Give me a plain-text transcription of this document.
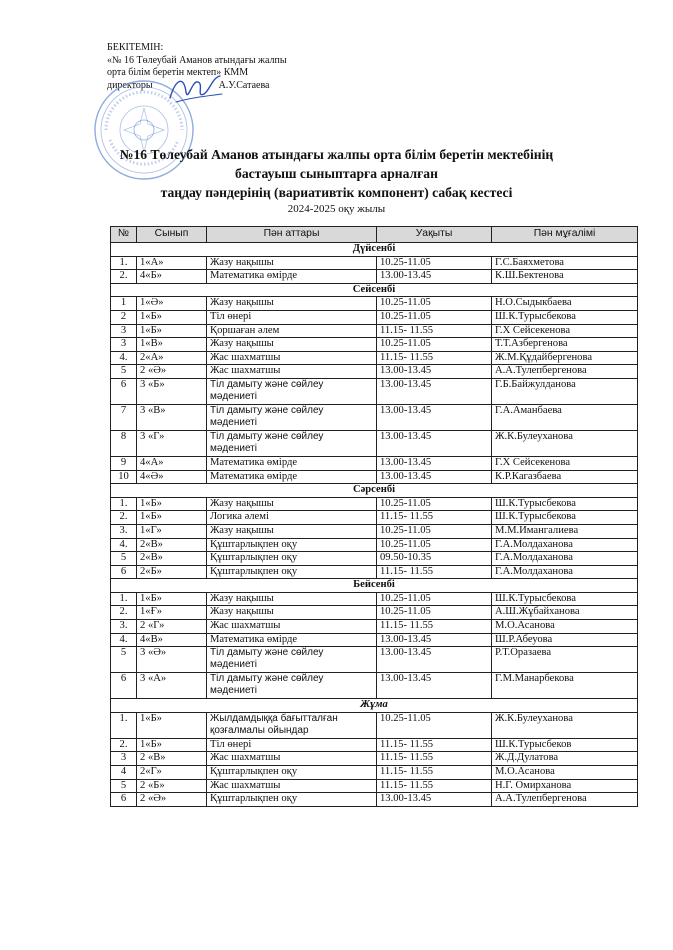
БЕКІТЕМІН:
«№ 16 Төлеубай Аманов атындағы жалпы
орта білім беретін мектеп» КММ
директоры	А.У.Сатаева
№16 Төлеубай Аманов атындағы жалпы орта білім беретін мектебінің
бастауыш сыныптарға арналған
таңдау пәндерінің (вариативтік компонент) сабақ кестесі
2024-2025 оқу жылы
№	Сынып	Пән аттары	Уақыты	Пән мұғалімі
Дүйсенбі				
1.	1«А»	Жазу нақышы	10.25-11.05	Г.С.Баяхметова
2.	4«Б»	Математика өмірде	13.00-13.45	К.Ш.Бектенова
Сейсенбі				
1	1«Ә»	Жазу нақышы	10.25-11.05	Н.О.Сыдыкбаева
2	1«Б»	Тіл өнері	10.25-11.05	Ш.К.Турысбекова
3	1«Б»	Қоршаған әлем	11.15- 11.55	Г.Х Сейсекенова
3	1«В»	Жазу нақышы	10.25-11.05	Т.Т.Азбергенова
4.	2«А»	Жас шахматшы	11.15- 11.55	Ж.М.Құдайбергенова
5	2 «Ә»	Жас шахматшы	13.00-13.45	А.А.Тулепбергенова
6	3 «Б»	Тіл дамыту және сөйлеу мәдениеті	13.00-13.45	Г.Б.Байжулданова
7	3 «В»	Тіл дамыту және сөйлеу мәдениеті	13.00-13.45	Г.А.Аманбаева
8	3 «Г»	Тіл дамыту және сөйлеу мәдениеті	13.00-13.45	Ж.К.Булеуханова
9	4«А»	Математика өмірде	13.00-13.45	Г.Х Сейсекенова
10	4«Ә»	Математика өмірде	13.00-13.45	К.Р.Кагазбаева
Сәрсенбі				
1.	1«Б»	Жазу нақышы	10.25-11.05	Ш.К.Турысбекова
2.	1«Б»	Логика әлемі	11.15- 11.55	Ш.К.Турысбекова
3.	1«Г»	Жазу нақышы	10.25-11.05	М.М.Имангалиева
4.	2«В»	Құштарлықпен оқу	10.25-11.05	Г.А.Молдаханова
5	2«В»	Құштарлықпен оқу	09.50-10.35	Г.А.Молдаханова
6	2«Б»	Құштарлықпен оқу	11.15- 11.55	Г.А.Молдаханова
Бейсенбі				
1.	1«Б»	Жазу нақышы	10.25-11.05	Ш.К.Турысбекова
2.	1«Ғ»	Жазу нақышы	10.25-11.05	А.Ш.Жұбайханова
3.	2 «Г»	Жас шахматшы	11.15- 11.55	М.О.Асанова
4.	4«В»	Математика өмірде	13.00-13.45	Ш.Р.Абеуова
5	3 «Ә»	Тіл дамыту және сөйлеу мәдениеті	13.00-13.45	Р.Т.Оразаева
6	3 «А»	Тіл дамыту және сөйлеу мәдениеті	13.00-13.45	Г.М.Манарбекова
Жұма				
1.	1«Б»	Жылдамдыққа бағытталған қозғалмалы ойындар	10.25-11.05	Ж.К.Булеуханова
2.	1«Б»	Тіл өнері	11.15- 11.55	Ш.К.Турысбеков
3	2 «В»	Жас шахматшы	11.15- 11.55	Ж.Д.Дулатова
4	2«Г»	Құштарлықпен оқу	11.15- 11.55	М.О.Асанова
5	2 «Б»	Жас шахматшы	11.15- 11.55	Н.Г. Омирханова
6	2 «Ә»	Құштарлықпен оқу	13.00-13.45	А.А.Тулепбергенова
